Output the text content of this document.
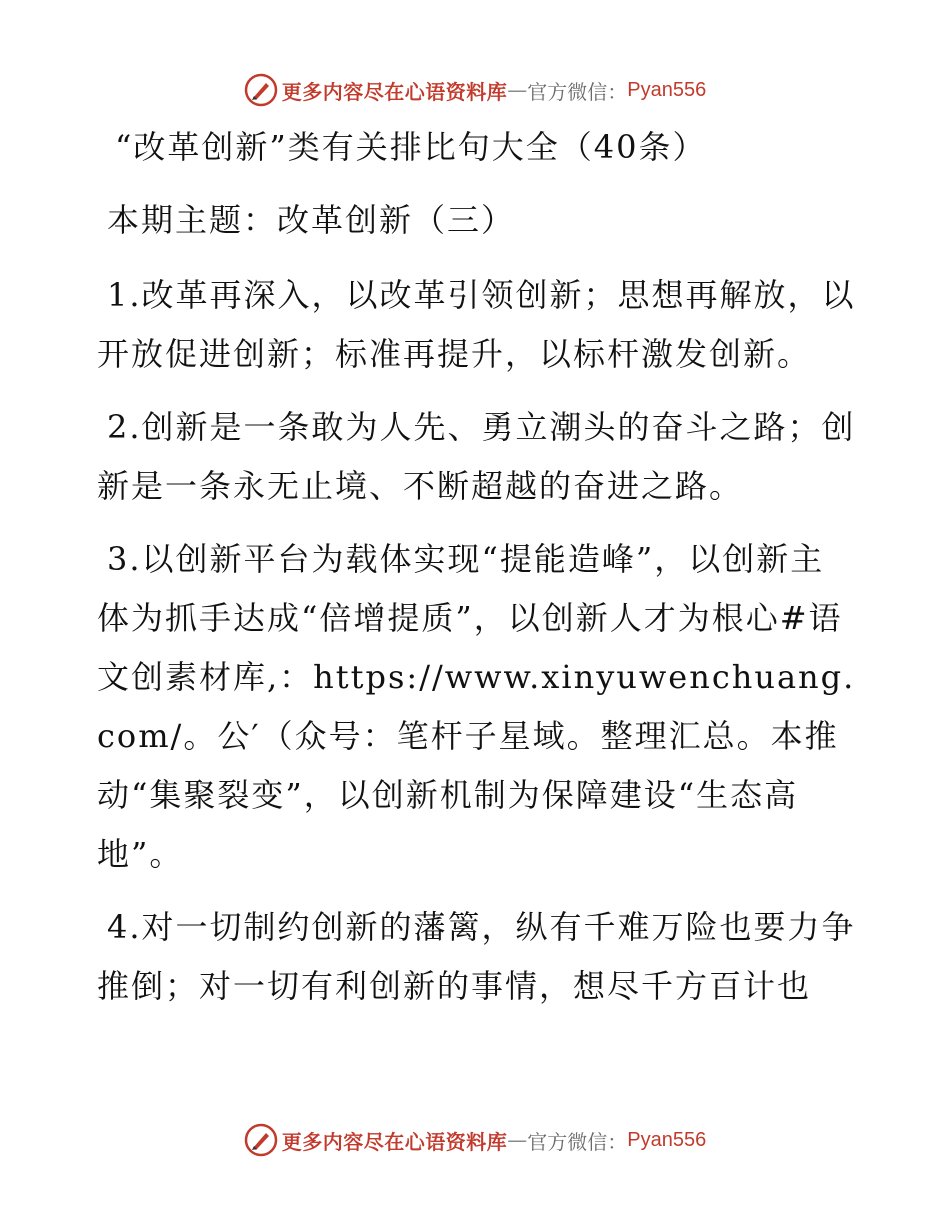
更多内容尽在心语资料库 — 官方微信： Pyan556

“改革创新”类有关排比句大全（40条）

本期主题：改革创新（三）

1.改革再深入，以改革引领创新；思想再解放，以开放促进创新；标准再提升，以标杆激发创新。

2.创新是一条敢为人先、勇立潮头的奋斗之路；创新是一条永无止境、不断超越的奋进之路。

3.以创新平台为载体实现“提能造峰”，以创新主体为抓手达成“倍增提质”，以创新人才为根心#语文创素材库,：https://www.xinyuwenchuang.com/。公′（众号：笔杆子星域。整理汇总。本推动“集聚裂变”，以创新机制为保障建设“生态高地”。

4.对一切制约创新的藩篱，纵有千难万险也要力争推倒；对一切有利创新的事情，想尽千方百计也

更多内容尽在心语资料库 — 官方微信： Pyan556
